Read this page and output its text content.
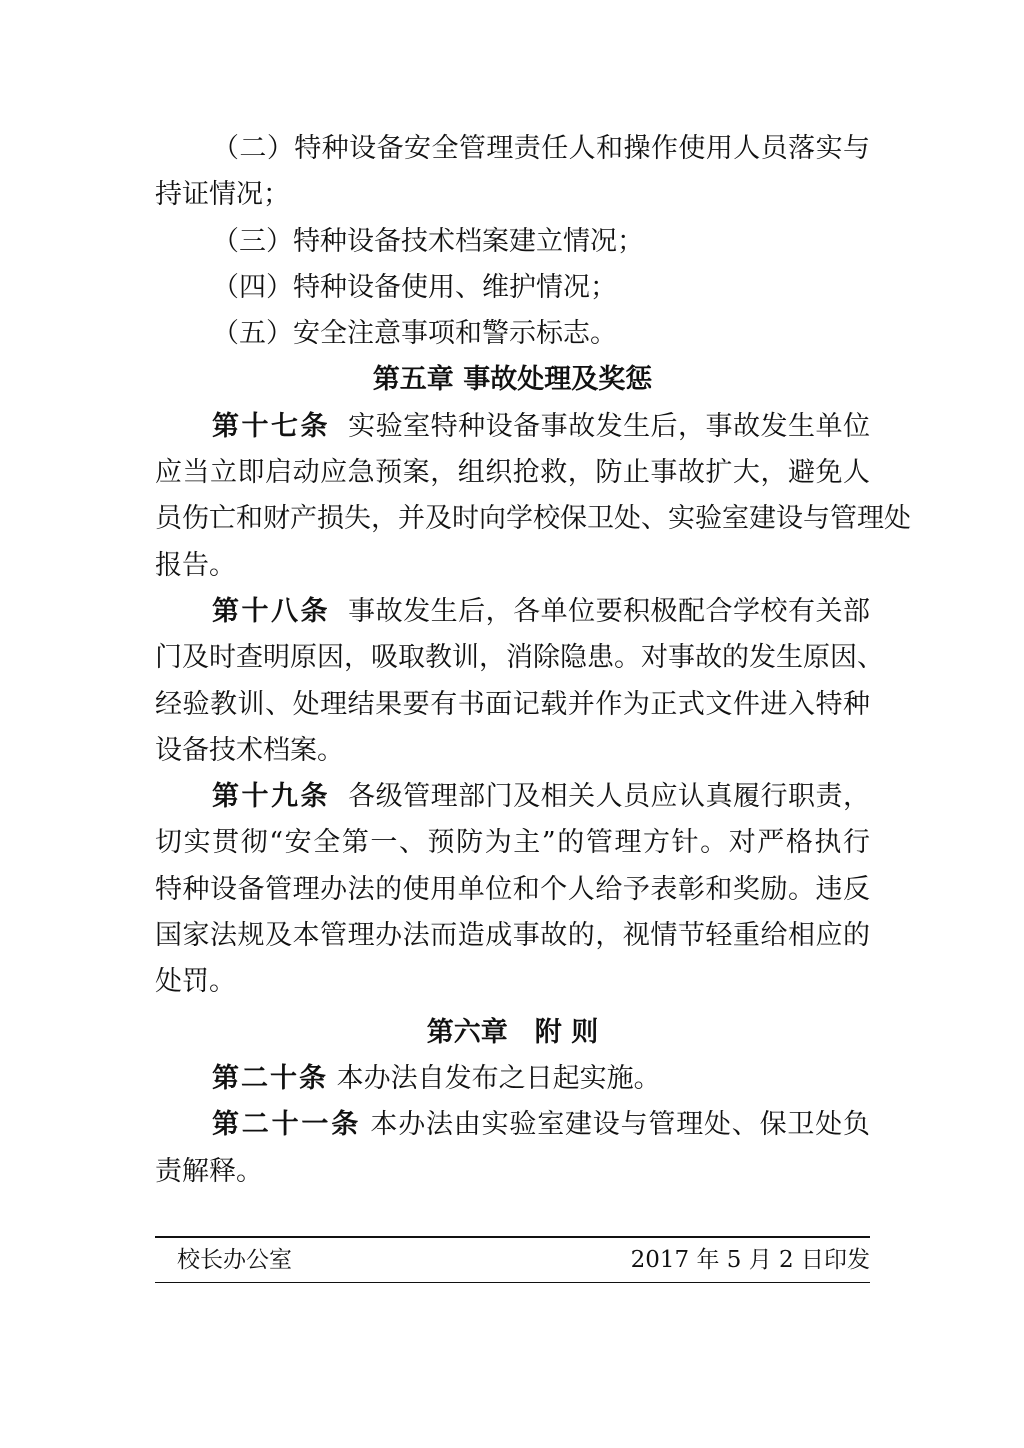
（二）特种设备安全管理责任人和操作使用人员落实与
持证情况；
（三）特种设备技术档案建立情况；
（四）特种设备使用、维护情况；
（五）安全注意事项和警示标志。
第五章 事故处理及奖惩
第十七条 实验室特种设备事故发生后，事故发生单位
应当立即启动应急预案，组织抢救，防止事故扩大，避免人
员伤亡和财产损失，并及时向学校保卫处、实验室建设与管理处
报告。
第十八条 事故发生后，各单位要积极配合学校有关部
门及时查明原因，吸取教训，消除隐患。对事故的发生原因、
经验教训、处理结果要有书面记载并作为正式文件进入特种
设备技术档案。
第十九条 各级管理部门及相关人员应认真履行职责，
切实贯彻“安全第一、预防为主”的管理方针。对严格执行
特种设备管理办法的使用单位和个人给予表彰和奖励。违反
国家法规及本管理办法而造成事故的，视情节轻重给相应的
处罚。
第六章　附 则
第二十条 本办法自发布之日起实施。
第二十一条 本办法由实验室建设与管理处、保卫处负
责解释。
校长办公室	2017 年 5 月 2 日印发
